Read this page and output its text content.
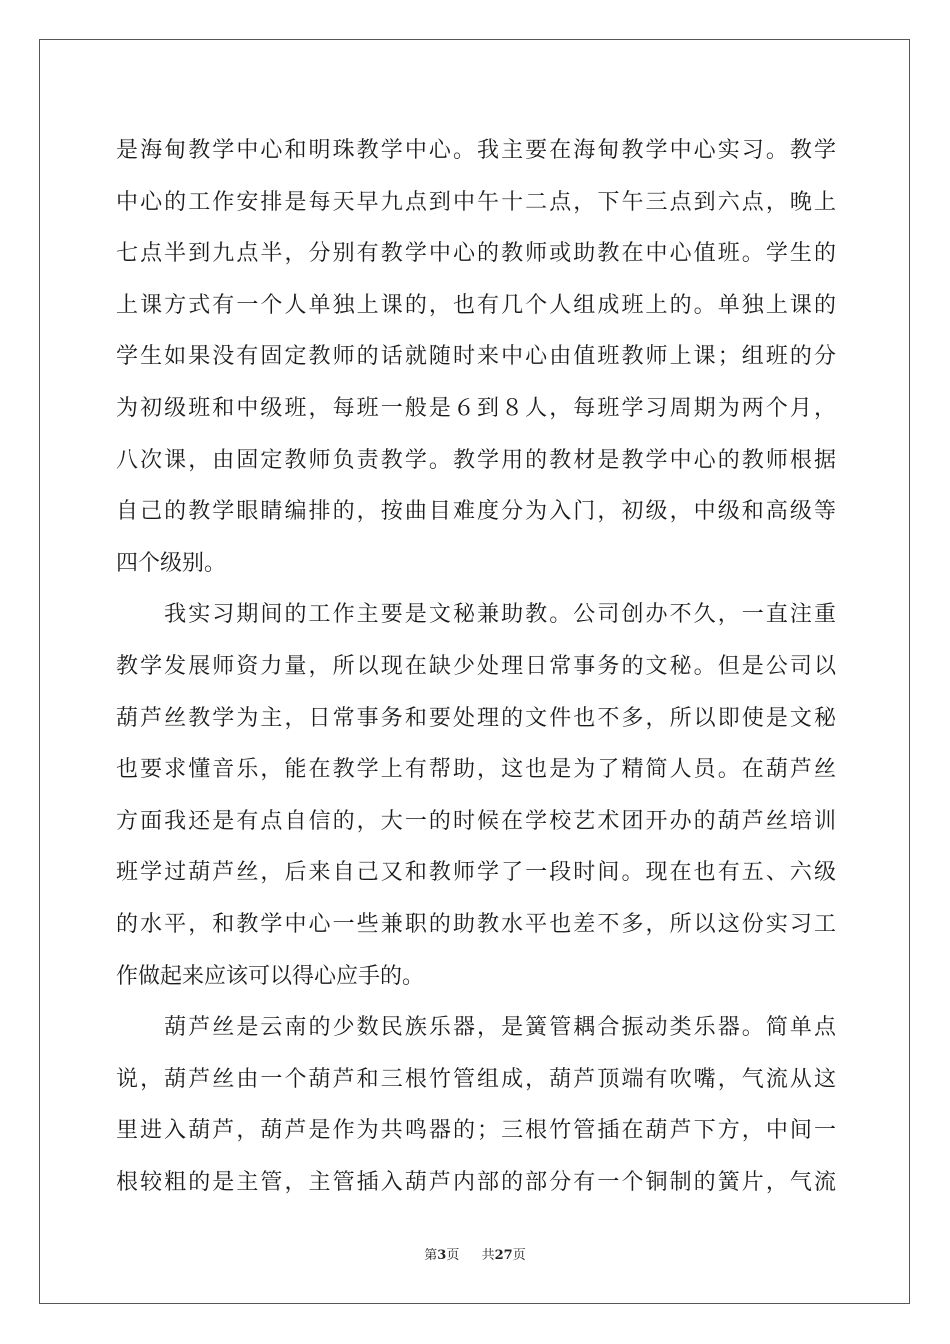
是海甸教学中心和明珠教学中心。我主要在海甸教学中心实习。教学
中心的工作安排是每天早九点到中午十二点，下午三点到六点，晚上
七点半到九点半，分别有教学中心的教师或助教在中心值班。学生的
上课方式有一个人单独上课的，也有几个人组成班上的。单独上课的
学生如果没有固定教师的话就随时来中心由值班教师上课；组班的分
为初级班和中级班，每班一般是６到８人，每班学习周期为两个月，
八次课，由固定教师负责教学。教学用的教材是教学中心的教师根据
自己的教学眼睛编排的，按曲目难度分为入门，初级，中级和高级等
四个级别。
　　我实习期间的工作主要是文秘兼助教。公司创办不久，一直注重
教学发展师资力量，所以现在缺少处理日常事务的文秘。但是公司以
葫芦丝教学为主，日常事务和要处理的文件也不多，所以即使是文秘
也要求懂音乐，能在教学上有帮助，这也是为了精简人员。在葫芦丝
方面我还是有点自信的，大一的时候在学校艺术团开办的葫芦丝培训
班学过葫芦丝，后来自己又和教师学了一段时间。现在也有五、六级
的水平，和教学中心一些兼职的助教水平也差不多，所以这份实习工
作做起来应该可以得心应手的。
　　葫芦丝是云南的少数民族乐器，是簧管耦合振动类乐器。简单点
说，葫芦丝由一个葫芦和三根竹管组成，葫芦顶端有吹嘴，气流从这
里进入葫芦，葫芦是作为共鸣器的；三根竹管插在葫芦下方，中间一
根较粗的是主管，主管插入葫芦内部的部分有一个铜制的簧片，气流
第3页 共27页
